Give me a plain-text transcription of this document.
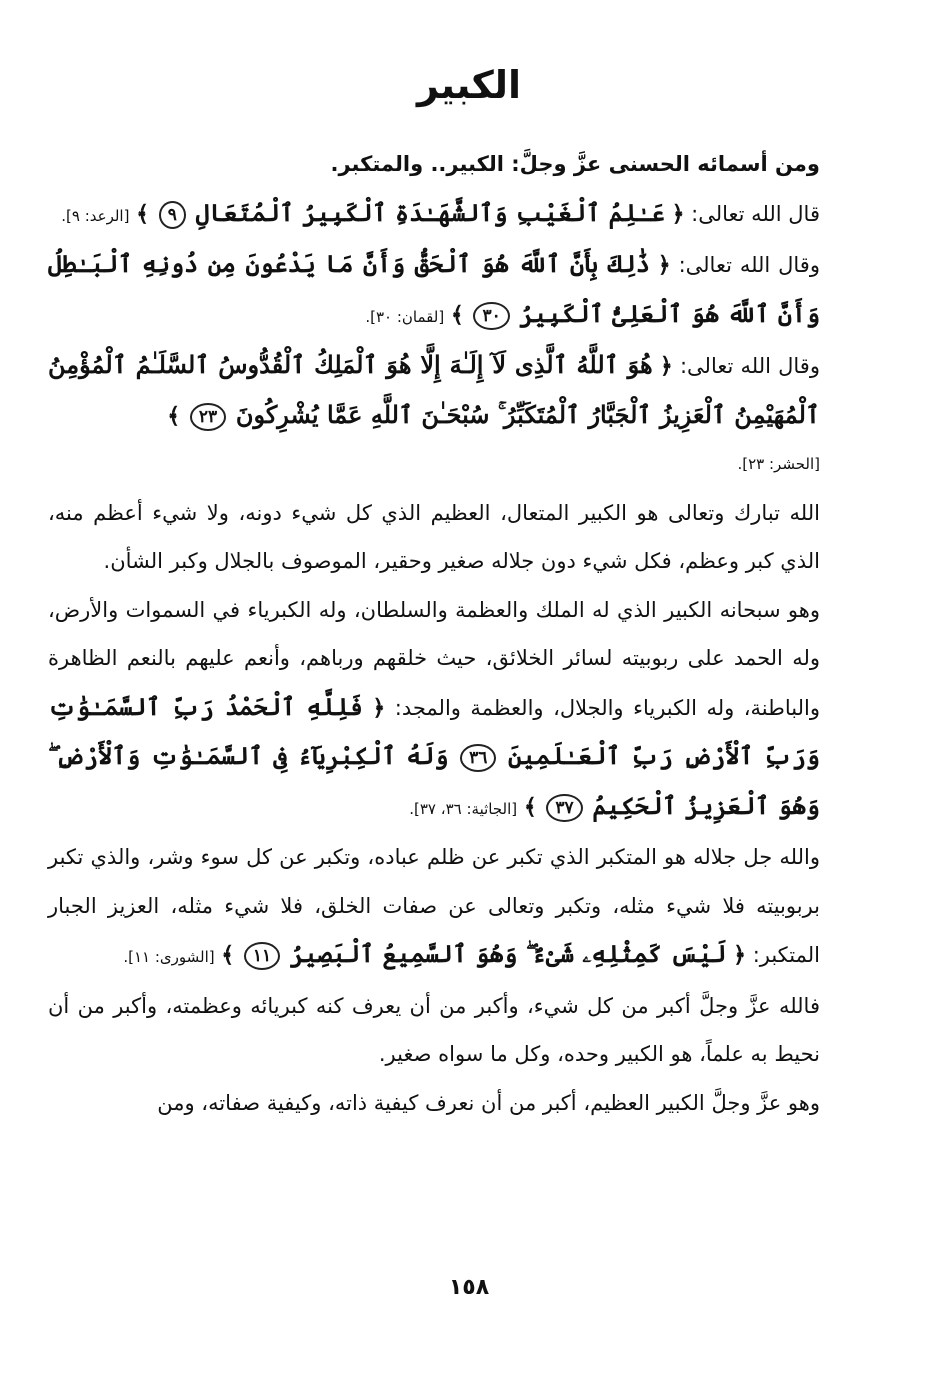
الكبير

ومن أسمائه الحسنى عزَّ وجلَّ: الكبير.. والمتكبر.

قال الله تعالى: ﴿ عَـٰلِمُ ٱلْغَيْبِ وَٱلشَّهَـٰدَةِ ٱلْكَبِيرُ ٱلْمُتَعَالِ ٩ ﴾ [الرعد: ٩].

وقال الله تعالى: ﴿ ذَٰلِكَ بِأَنَّ ٱللَّهَ هُوَ ٱلْحَقُّ وَأَنَّ مَا يَدْعُونَ مِن دُونِهِ ٱلْبَـٰطِلُ وَأَنَّ ٱللَّهَ هُوَ ٱلْعَلِىُّ ٱلْكَبِيرُ ٣٠ ﴾ [لقمان: ٣٠].

وقال الله تعالى: ﴿ هُوَ ٱللَّهُ ٱلَّذِى لَآ إِلَـٰهَ إِلَّا هُوَ ٱلْمَلِكُ ٱلْقُدُّوسُ ٱلسَّلَـٰمُ ٱلْمُؤْمِنُ ٱلْمُهَيْمِنُ ٱلْعَزِيزُ ٱلْجَبَّارُ ٱلْمُتَكَبِّرُ ۚ سُبْحَـٰنَ ٱللَّهِ عَمَّا يُشْرِكُونَ ٢٣ ﴾
[الحشر: ٢٣].

الله تبارك وتعالى هو الكبير المتعال، العظيم الذي كل شيء دونه، ولا شيء أعظم منه، الذي كبر وعظم، فكل شيء دون جلاله صغير وحقير، الموصوف بالجلال وكبر الشأن.

وهو سبحانه الكبير الذي له الملك والعظمة والسلطان، وله الكبرياء في السموات والأرض، وله الحمد على ربوبيته لسائر الخلائق، حيث خلقهم ورباهم، وأنعم عليهم بالنعم الظاهرة والباطنة، وله الكبرياء والجلال، والعظمة والمجد: ﴿ فَلِلَّهِ ٱلْحَمْدُ رَبِّ ٱلسَّمَـٰوَٰتِ وَرَبِّ ٱلْأَرْضِ رَبِّ ٱلْعَـٰلَمِينَ ٣٦ وَلَهُ ٱلْكِبْرِيَآءُ فِى ٱلسَّمَـٰوَٰتِ وَٱلْأَرْضِ ۖ وَهُوَ ٱلْعَزِيزُ ٱلْحَكِيمُ ٣٧ ﴾ [الجاثية: ٣٦، ٣٧].

والله جل جلاله هو المتكبر الذي تكبر عن ظلم عباده، وتكبر عن كل سوء وشر، والذي تكبر بربوبيته فلا شيء مثله، وتكبر وتعالى عن صفات الخلق، فلا شيء مثله، العزيز الجبار المتكبر: ﴿ لَيْسَ كَمِثْلِهِۦ شَىْءٌ ۖ وَهُوَ ٱلسَّمِيعُ ٱلْبَصِيرُ ١١ ﴾ [الشورى: ١١].

فالله عزَّ وجلَّ أكبر من كل شيء، وأكبر من أن يعرف كنه كبريائه وعظمته، وأكبر من أن نحيط به علماً، هو الكبير وحده، وكل ما سواه صغير.

وهو عزَّ وجلَّ الكبير العظيم، أكبر من أن نعرف كيفية ذاته، وكيفية صفاته، ومن

١٥٨
